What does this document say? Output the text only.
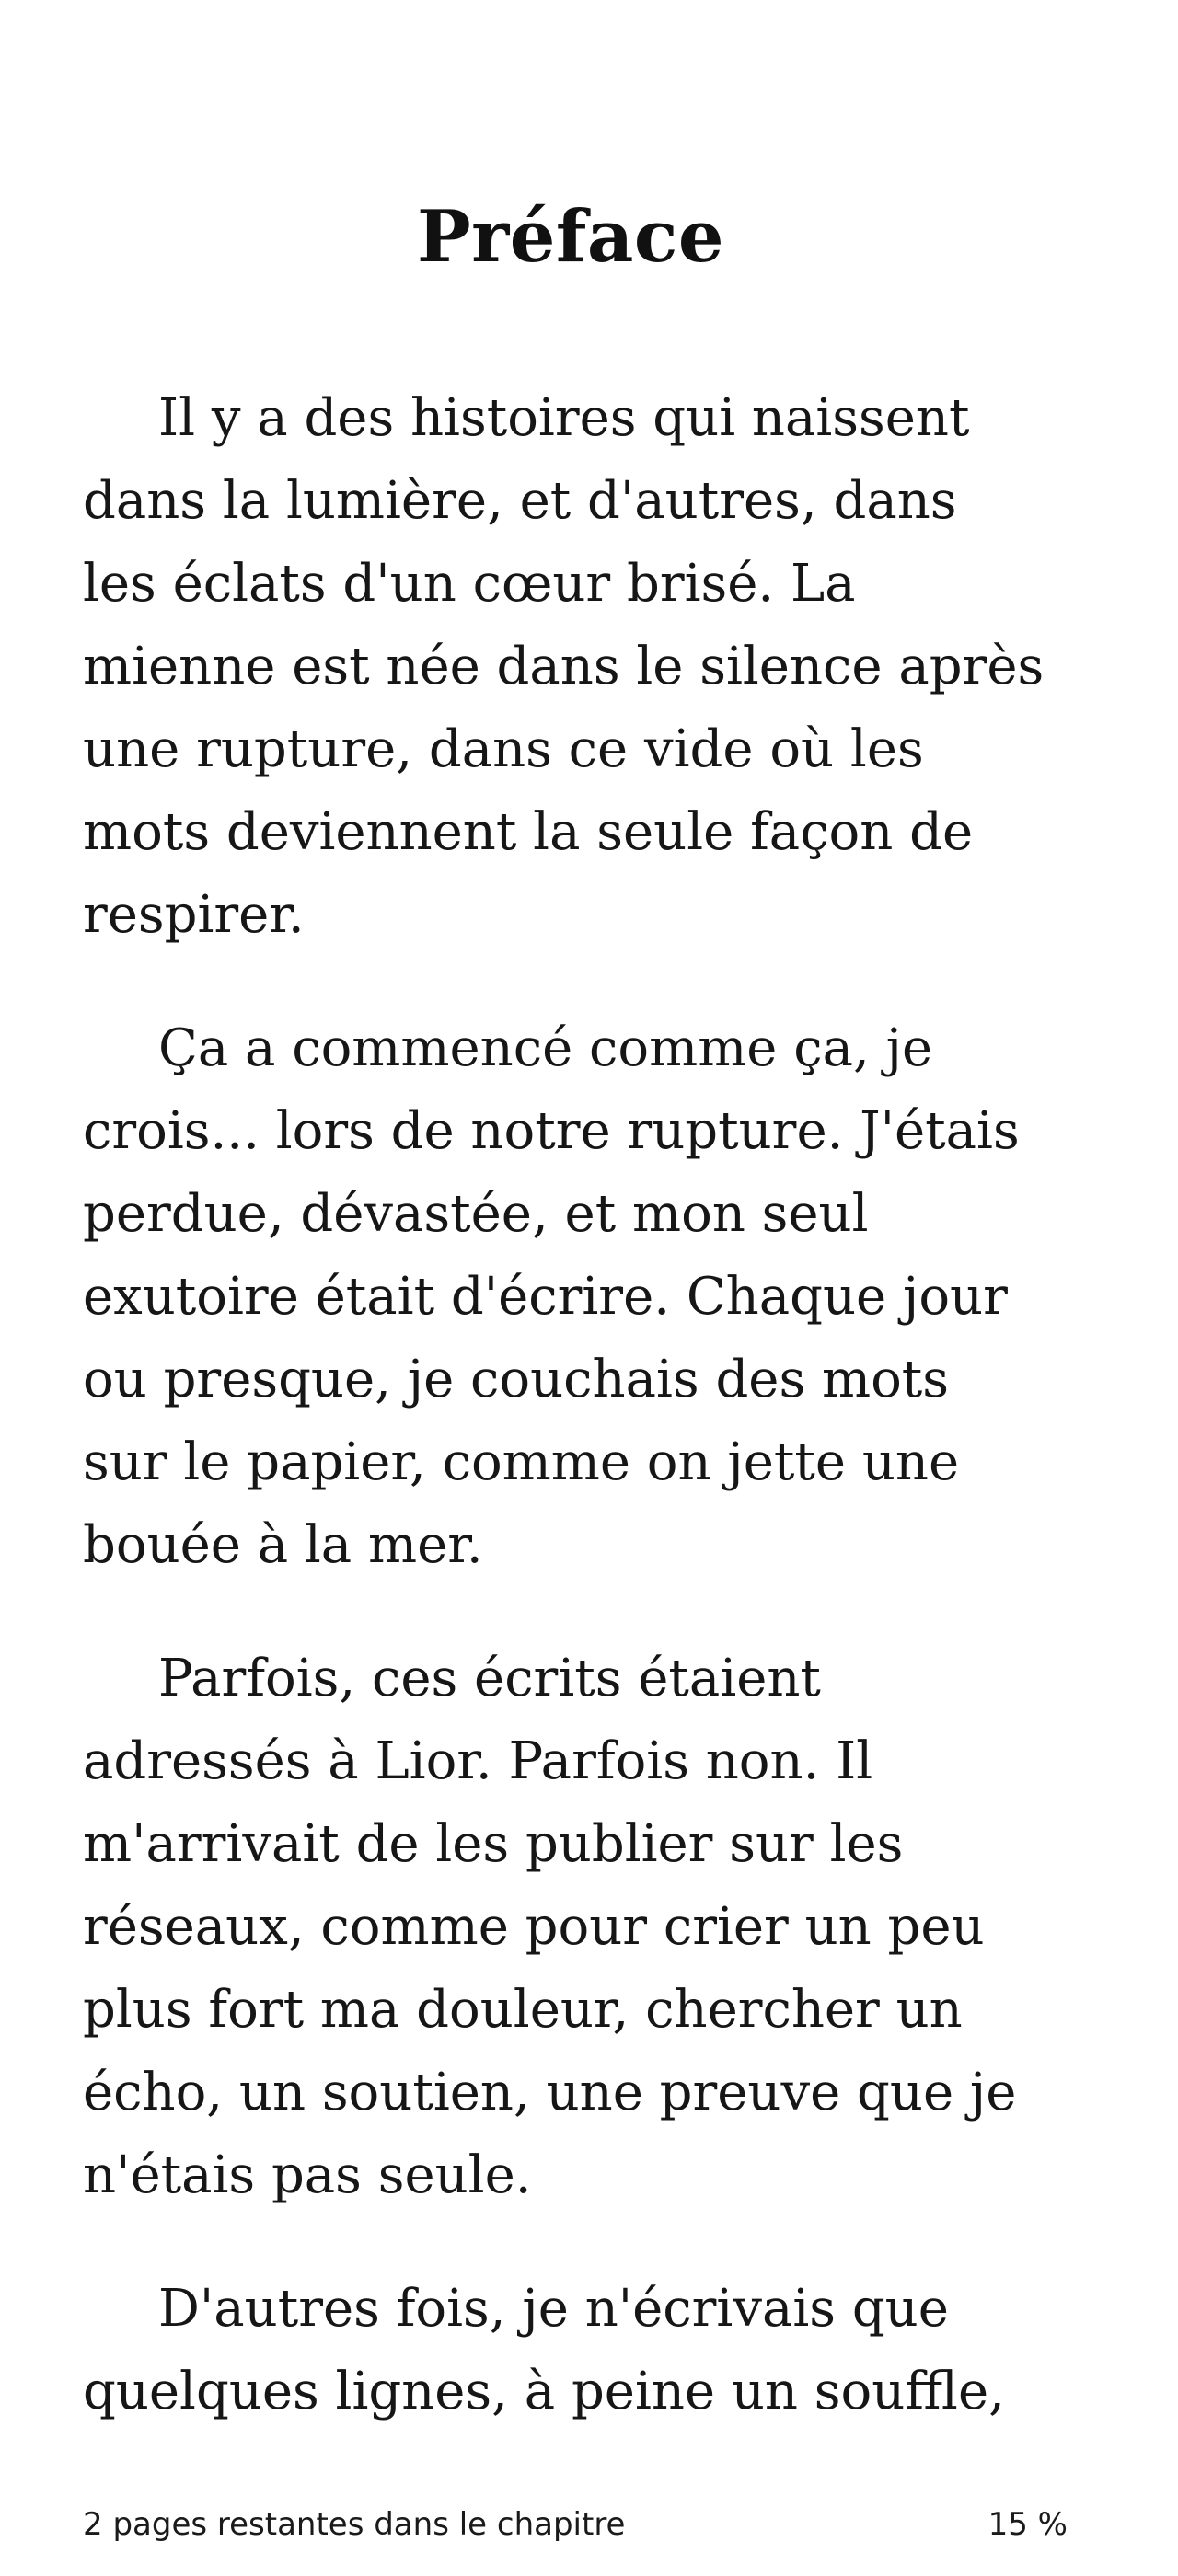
Préface

Il y a des histoires qui naissent
dans la lumière, et d'autres, dans
les éclats d'un cœur brisé. La
mienne est née dans le silence après
une rupture, dans ce vide où les
mots deviennent la seule façon de
respirer.

Ça a commencé comme ça, je
crois... lors de notre rupture. J'étais
perdue, dévastée, et mon seul
exutoire était d'écrire. Chaque jour
ou presque, je couchais des mots
sur le papier, comme on jette une
bouée à la mer.

Parfois, ces écrits étaient
adressés à Lior. Parfois non. Il
m'arrivait de les publier sur les
réseaux, comme pour crier un peu
plus fort ma douleur, chercher un
écho, un soutien, une preuve que je
n'étais pas seule.

D'autres fois, je n'écrivais que
quelques lignes, à peine un souffle,

2 pages restantes dans le chapitre	15 %
